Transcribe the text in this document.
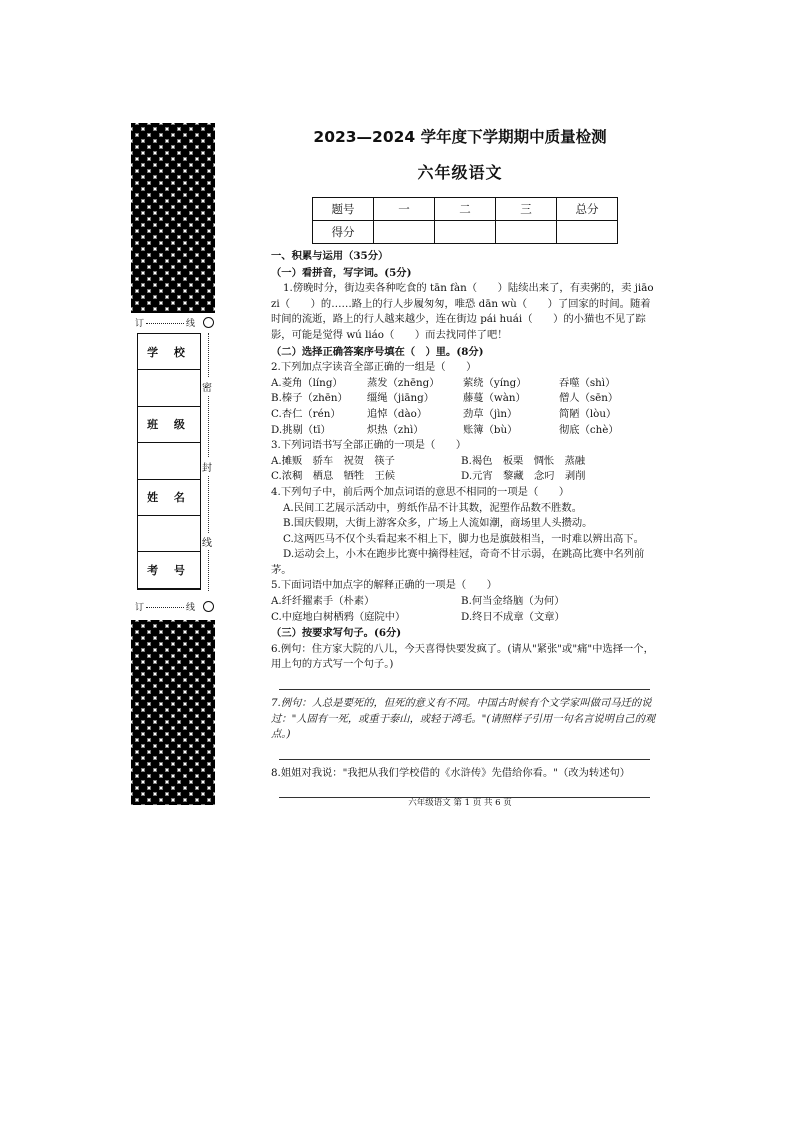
订	线
学 校
班 级
姓 名
考 号
密
封
线
订	线
2023—2024 学年度下学期期中质量检测
六年级语文
题号	一	二	三	总分
得分				
一、积累与运用（35分）
（一）看拼音，写字词。(5分)
1.傍晚时分，街边卖各种吃食的 tān fàn（　　）陆续出来了，有卖粥的，卖 jiāo zi（　　）的……路上的行人步履匆匆，唯恐 dān wù（　　）了回家的时间。随着时间的流逝，路上的行人越来越少，连在街边 pái huái（　　）的小猫也不见了踪影，可能是觉得 wú liáo（　　）而去找同伴了吧！
（二）选择正确答案序号填在（　）里。(8分)
2.下列加点字读音全部正确的一组是（　　）
A.菱角（líng）	蒸发（zhēng）	萦绕（yíng）	吞噬（shì）
B.榛子（zhēn）	缰绳（jiāng）	藤蔓（wàn）	僧人（sēn）
C.杏仁（rén）	追悼（dào）	劲草（jìn）	简陋（lòu）
D.挑剔（tī）	炽热（zhì）	账簿（bù）	彻底（chè）
3.下列词语书写全部正确的一项是（　　）
A.摊贩　骄车　祝贺　筷子	B.褐色　板栗　惆怅　蒸融
C.浓稠　栖息　牺牲　王候	D.元宵　黎藏　念叼　剥削
4.下列句子中，前后两个加点词语的意思不相同的一项是（　　）
A.民间工艺展示活动中，剪纸作品不计其数，泥塑作品数不胜数。
B.国庆假期，大街上游客众多，广场上人流如潮，商场里人头攒动。
C.这两匹马不仅个头看起来不相上下，脚力也是旗鼓相当，一时难以辨出高下。
D.运动会上，小木在跑步比赛中摘得桂冠，奇奇不甘示弱，在跳高比赛中名列前茅。
5.下面词语中加点字的解释正确的一项是（　　）
A.纤纤擢素手（朴素）	B.何当金络脑（为何）
C.中庭地白树栖鸦（庭院中）	D.终日不成章（文章）
（三）按要求写句子。(6分)
6.例句：住方家大院的八儿，今天喜得快要发疯了。(请从"紧张"或"痛"中选择一个，用上句的方式写一个句子。)
7.例句：人总是要死的，但死的意义有不同。中国古时候有个文学家叫做司马迁的说过："人固有一死，或重于泰山，或轻于鸿毛。"(请照样子引用一句名言说明自己的观点。)
8.姐姐对我说："我把从我们学校借的《水浒传》先借给你看。"（改为转述句）
六年级语文 第 1 页 共 6 页
